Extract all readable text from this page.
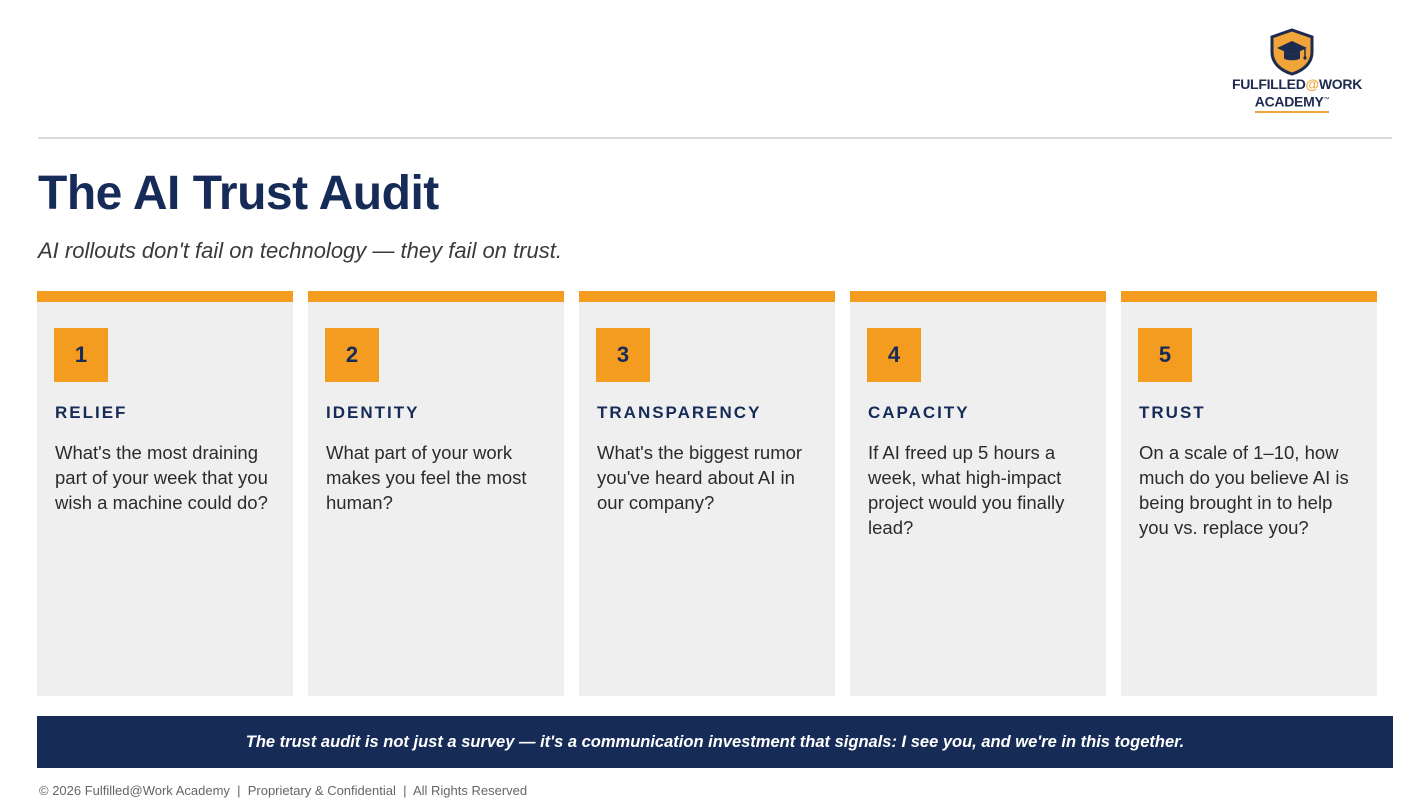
FULFILLED@WORK
ACADEMY™
The AI Trust Audit

AI rollouts don't fail on technology — they fail on trust.

1
RELIEF
What's the most draining part of your week that you wish a machine could do?
2
IDENTITY
What part of your work makes you feel the most human?
3
TRANSPARENCY
What's the biggest rumor you've heard about AI in our company?
4
CAPACITY
If AI freed up 5 hours a week, what high-impact project would you finally lead?
5
TRUST
On a scale of 1–10, how much do you believe AI is being brought in to help you vs. replace you?
The trust audit is not just a survey — it's a communication investment that signals: I see you, and we're in this together.
© 2026 Fulfilled@Work Academy  |  Proprietary & Confidential  |  All Rights Reserved
